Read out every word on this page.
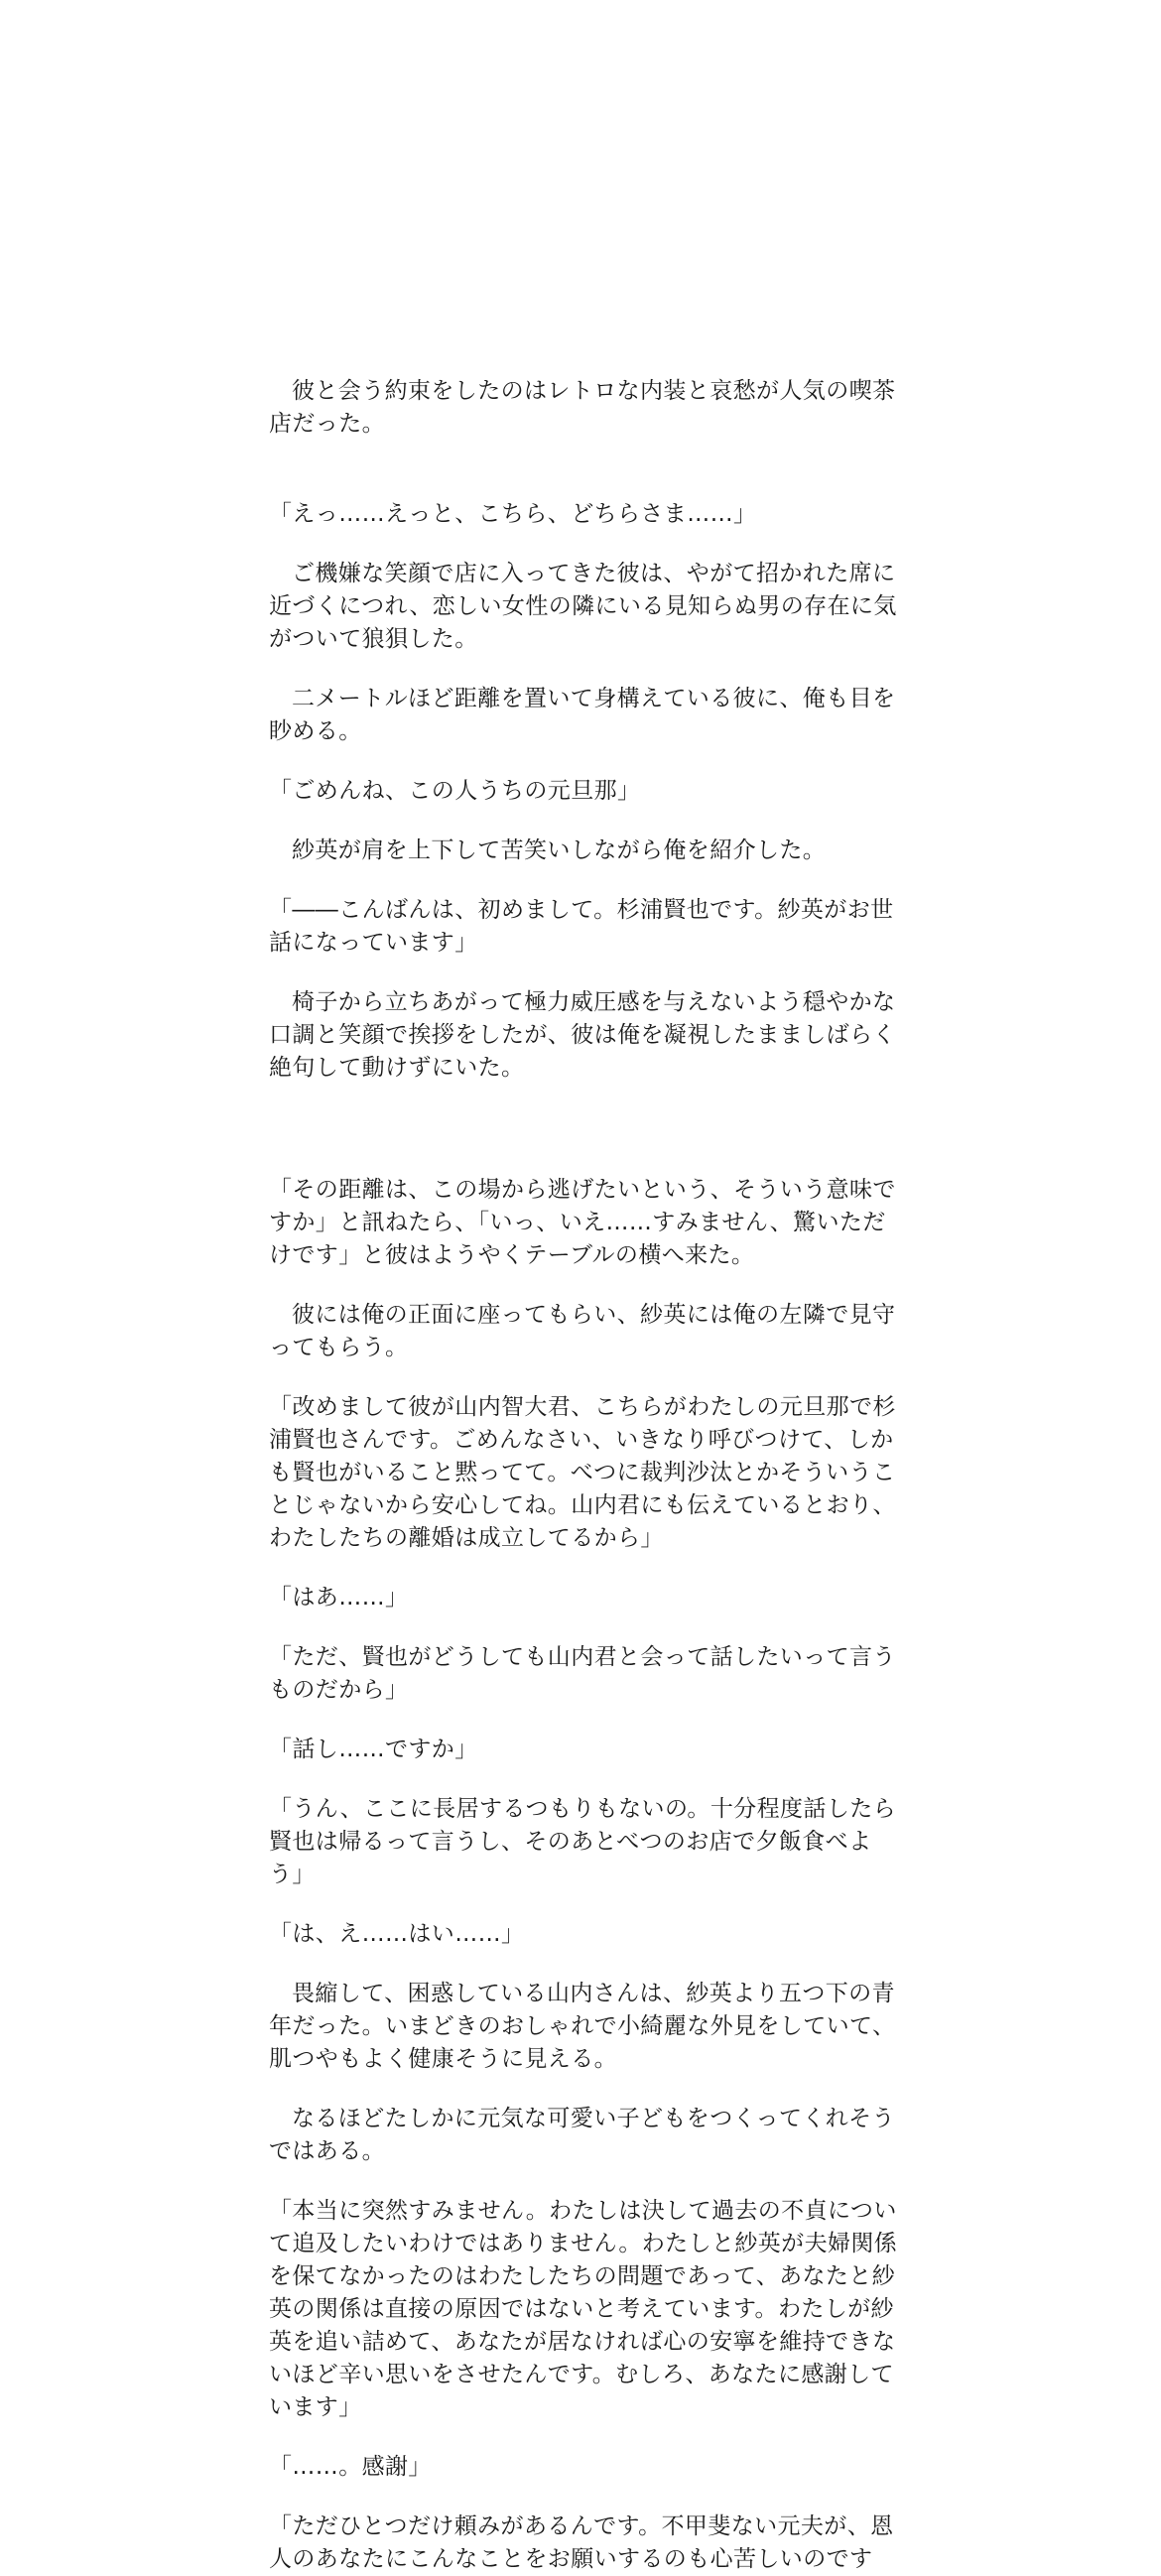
彼と会う約束をしたのはレトロな内装と哀愁が人気の喫茶店だった。

「えっ……えっと、こちら、どちらさま……」

ご機嫌な笑顔で店に入ってきた彼は、やがて招かれた席に近づくにつれ、恋しい女性の隣にいる見知らぬ男の存在に気がついて狼狽した。

二メートルほど距離を置いて身構えている彼に、俺も目を眇める。

「ごめんね、この人うちの元旦那」

紗英が肩を上下して苦笑いしながら俺を紹介した。

「――こんばんは、初めまして。杉浦賢也です。紗英がお世話になっています」

椅子から立ちあがって極力威圧感を与えないよう穏やかな口調と笑顔で挨拶をしたが、彼は俺を凝視したまましばらく絶句して動けずにいた。

「その距離は、この場から逃げたいという、そういう意味ですか」と訊ねたら、「いっ、いえ……すみません、驚いただけです」と彼はようやくテーブルの横へ来た。

彼には俺の正面に座ってもらい、紗英には俺の左隣で見守ってもらう。

「改めまして彼が山内智大君、こちらがわたしの元旦那で杉浦賢也さんです。ごめんなさい、いきなり呼びつけて、しかも賢也がいること黙ってて。べつに裁判沙汰とかそういうことじゃないから安心してね。山内君にも伝えているとおり、わたしたちの離婚は成立してるから」

「はあ……」

「ただ、賢也がどうしても山内君と会って話したいって言うものだから」

「話し……ですか」

「うん、ここに長居するつもりもないの。十分程度話したら賢也は帰るって言うし、そのあとべつのお店で夕飯食べよう」

「は、え……はい……」

畏縮して、困惑している山内さんは、紗英より五つ下の青年だった。いまどきのおしゃれで小綺麗な外見をしていて、肌つやもよく健康そうに見える。

なるほどたしかに元気な可愛い子どもをつくってくれそうではある。

「本当に突然すみません。わたしは決して過去の不貞について追及したいわけではありません。わたしと紗英が夫婦関係を保てなかったのはわたしたちの問題であって、あなたと紗英の関係は直接の原因ではないと考えています。わたしが紗英を追い詰めて、あなたが居なければ心の安寧を維持できないほど辛い思いをさせたんです。むしろ、あなたに感謝しています」

「……。感謝」

「ただひとつだけ頼みがあるんです。不甲斐ない元夫が、恩人のあなたにこんなことをお願いするのも心苦しいのです
